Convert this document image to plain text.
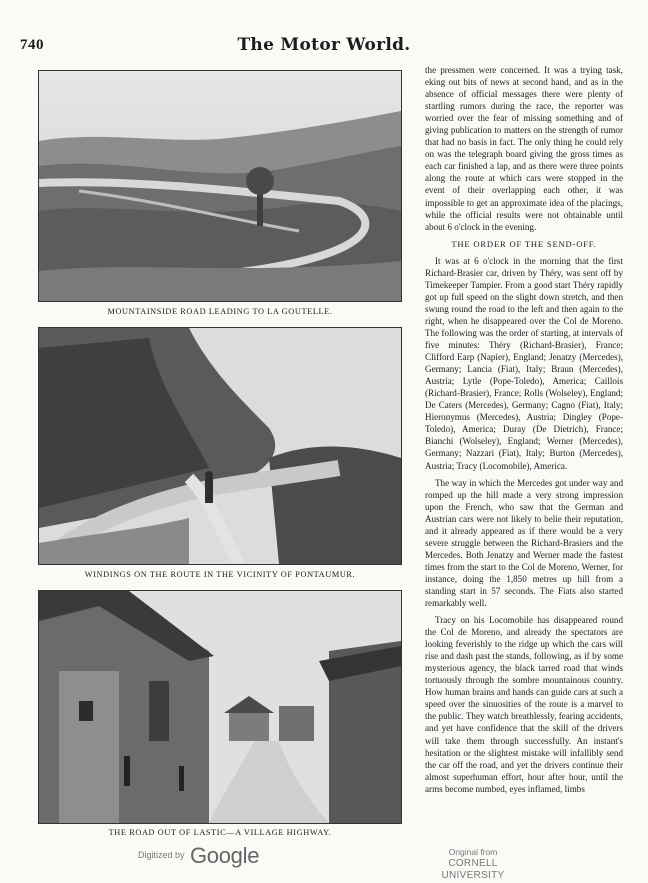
740	The Motor World.
MOUNTAINSIDE ROAD LEADING TO LA GOUTELLE.
WINDINGS ON THE ROUTE IN THE VICINITY OF PONTAUMUR.
THE ROAD OUT OF LASTIC—A VILLAGE HIGHWAY.

the pressmen were concerned. It was a trying task, eking out bits of news at second hand, and as in the absence of official messages there were plenty of startling rumors during the race, the reporter was worried over the fear of missing something and of giving publication to matters on the strength of rumor that had no basis in fact. The only thing he could rely on was the telegraph board giving the gross times as each car finished a lap, and as there were three points along the route at which cars were stopped in the event of their overlapping each other, it was impossible to get an approximate idea of the placings, while the official results were not obtainable until about 6 o'clock in the evening.

THE ORDER OF THE SEND-OFF.

It was at 6 o'clock in the morning that the first Richard-Brasier car, driven by Théry, was sent off by Timekeeper Tampier. From a good start Théry rapidly got up full speed on the slight down stretch, and then swung round the road to the left and then again to the right, when he disappeared over the Col de Moreno. The following was the order of starting, at intervals of five minutes: Théry (Richard-Brasier), France; Clifford Earp (Napier), England; Jenatzy (Mercedes), Germany; Lancia (Fiat), Italy; Braun (Mercedes), Austria; Lytle (Pope-Toledo), America; Caillois (Richard-Brasier), France; Rolls (Wolseley), England; De Caters (Mercedes), Germany; Cagno (Fiat), Italy; Hieronymus (Mercedes), Austria; Dingley (Pope-Toledo), America; Duray (De Dietrich), France; Bianchi (Wolseley), England; Werner (Mercedes), Germany; Nazzari (Fiat), Italy; Burton (Mercedes), Austria; Tracy (Locomobile), America.

The way in which the Mercedes got under way and romped up the hill made a very strong impression upon the French, who saw that the German and Austrian cars were not likely to belie their reputation, and it already appeared as if there would be a very severe struggle between the Richard-Brasiers and the Mercedes. Both Jenatzy and Werner made the fastest times from the start to the Col de Moreno, Werner, for instance, doing the 1,850 metres up hill from a standing start in 57 seconds. The Fiats also started remarkably well.

Tracy on his Locomobile has disappeared round the Col de Moreno, and already the spectators are looking feverishly to the ridge up which the cars will rise and dash past the stands, following, as if by some mysterious agency, the black tarred road that winds tortuously through the sombre mountainous country. How human brains and hands can guide cars at such a speed over the sinuosities of the route is a marvel to the public. They watch breathlessly, fearing accidents, and yet have confidence that the skill of the drivers will take them through successfully. An instant's hesitation or the slightest mistake will infallibly send the car off the road, and yet the drivers continue their almost superhuman effort, hour after hour, until the arms become numbed, eyes inflamed, limbs

Digitized by Google	Original from
CORNELL UNIVERSITY
